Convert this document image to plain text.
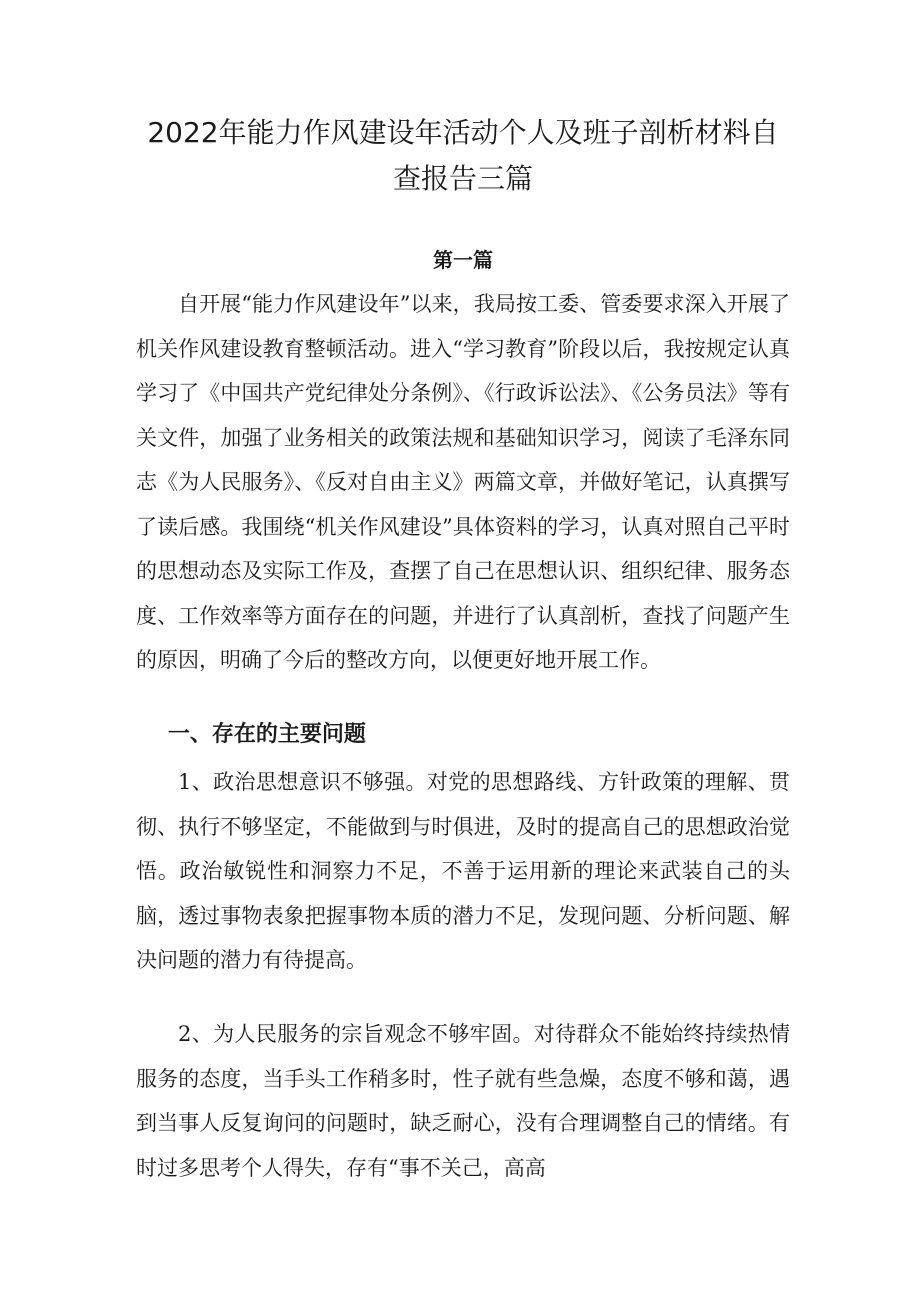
2022年能力作风建设年活动个人及班子剖析材料自查报告三篇
第一篇

自开展“能力作风建设年”以来，我局按工委、管委要求深入开展了机关作风建设教育整顿活动。进入“学习教育”阶段以后，我按规定认真学习了《中国共产党纪律处分条例》、《行政诉讼法》、《公务员法》等有关文件，加强了业务相关的政策法规和基础知识学习，阅读了毛泽东同志《为人民服务》、《反对自由主义》两篇文章，并做好笔记，认真撰写了读后感。我围绕“机关作风建设”具体资料的学习，认真对照自己平时的思想动态及实际工作及，查摆了自己在思想认识、组织纪律、服务态度、工作效率等方面存在的问题，并进行了认真剖析，查找了问题产生的原因，明确了今后的整改方向，以便更好地开展工作。

一、存在的主要问题

1、政治思想意识不够强。对党的思想路线、方针政策的理解、贯彻、执行不够坚定，不能做到与时俱进，及时的提高自己的思想政治觉悟。政治敏锐性和洞察力不足，不善于运用新的理论来武装自己的头脑，透过事物表象把握事物本质的潜力不足，发现问题、分析问题、解决问题的潜力有待提高。

2、为人民服务的宗旨观念不够牢固。对待群众不能始终持续热情服务的态度，当手头工作稍多时，性子就有些急燥，态度不够和蔼，遇到当事人反复询问的问题时，缺乏耐心，没有合理调整自己的情绪。有时过多思考个人得失，存有“事不关己，高高
